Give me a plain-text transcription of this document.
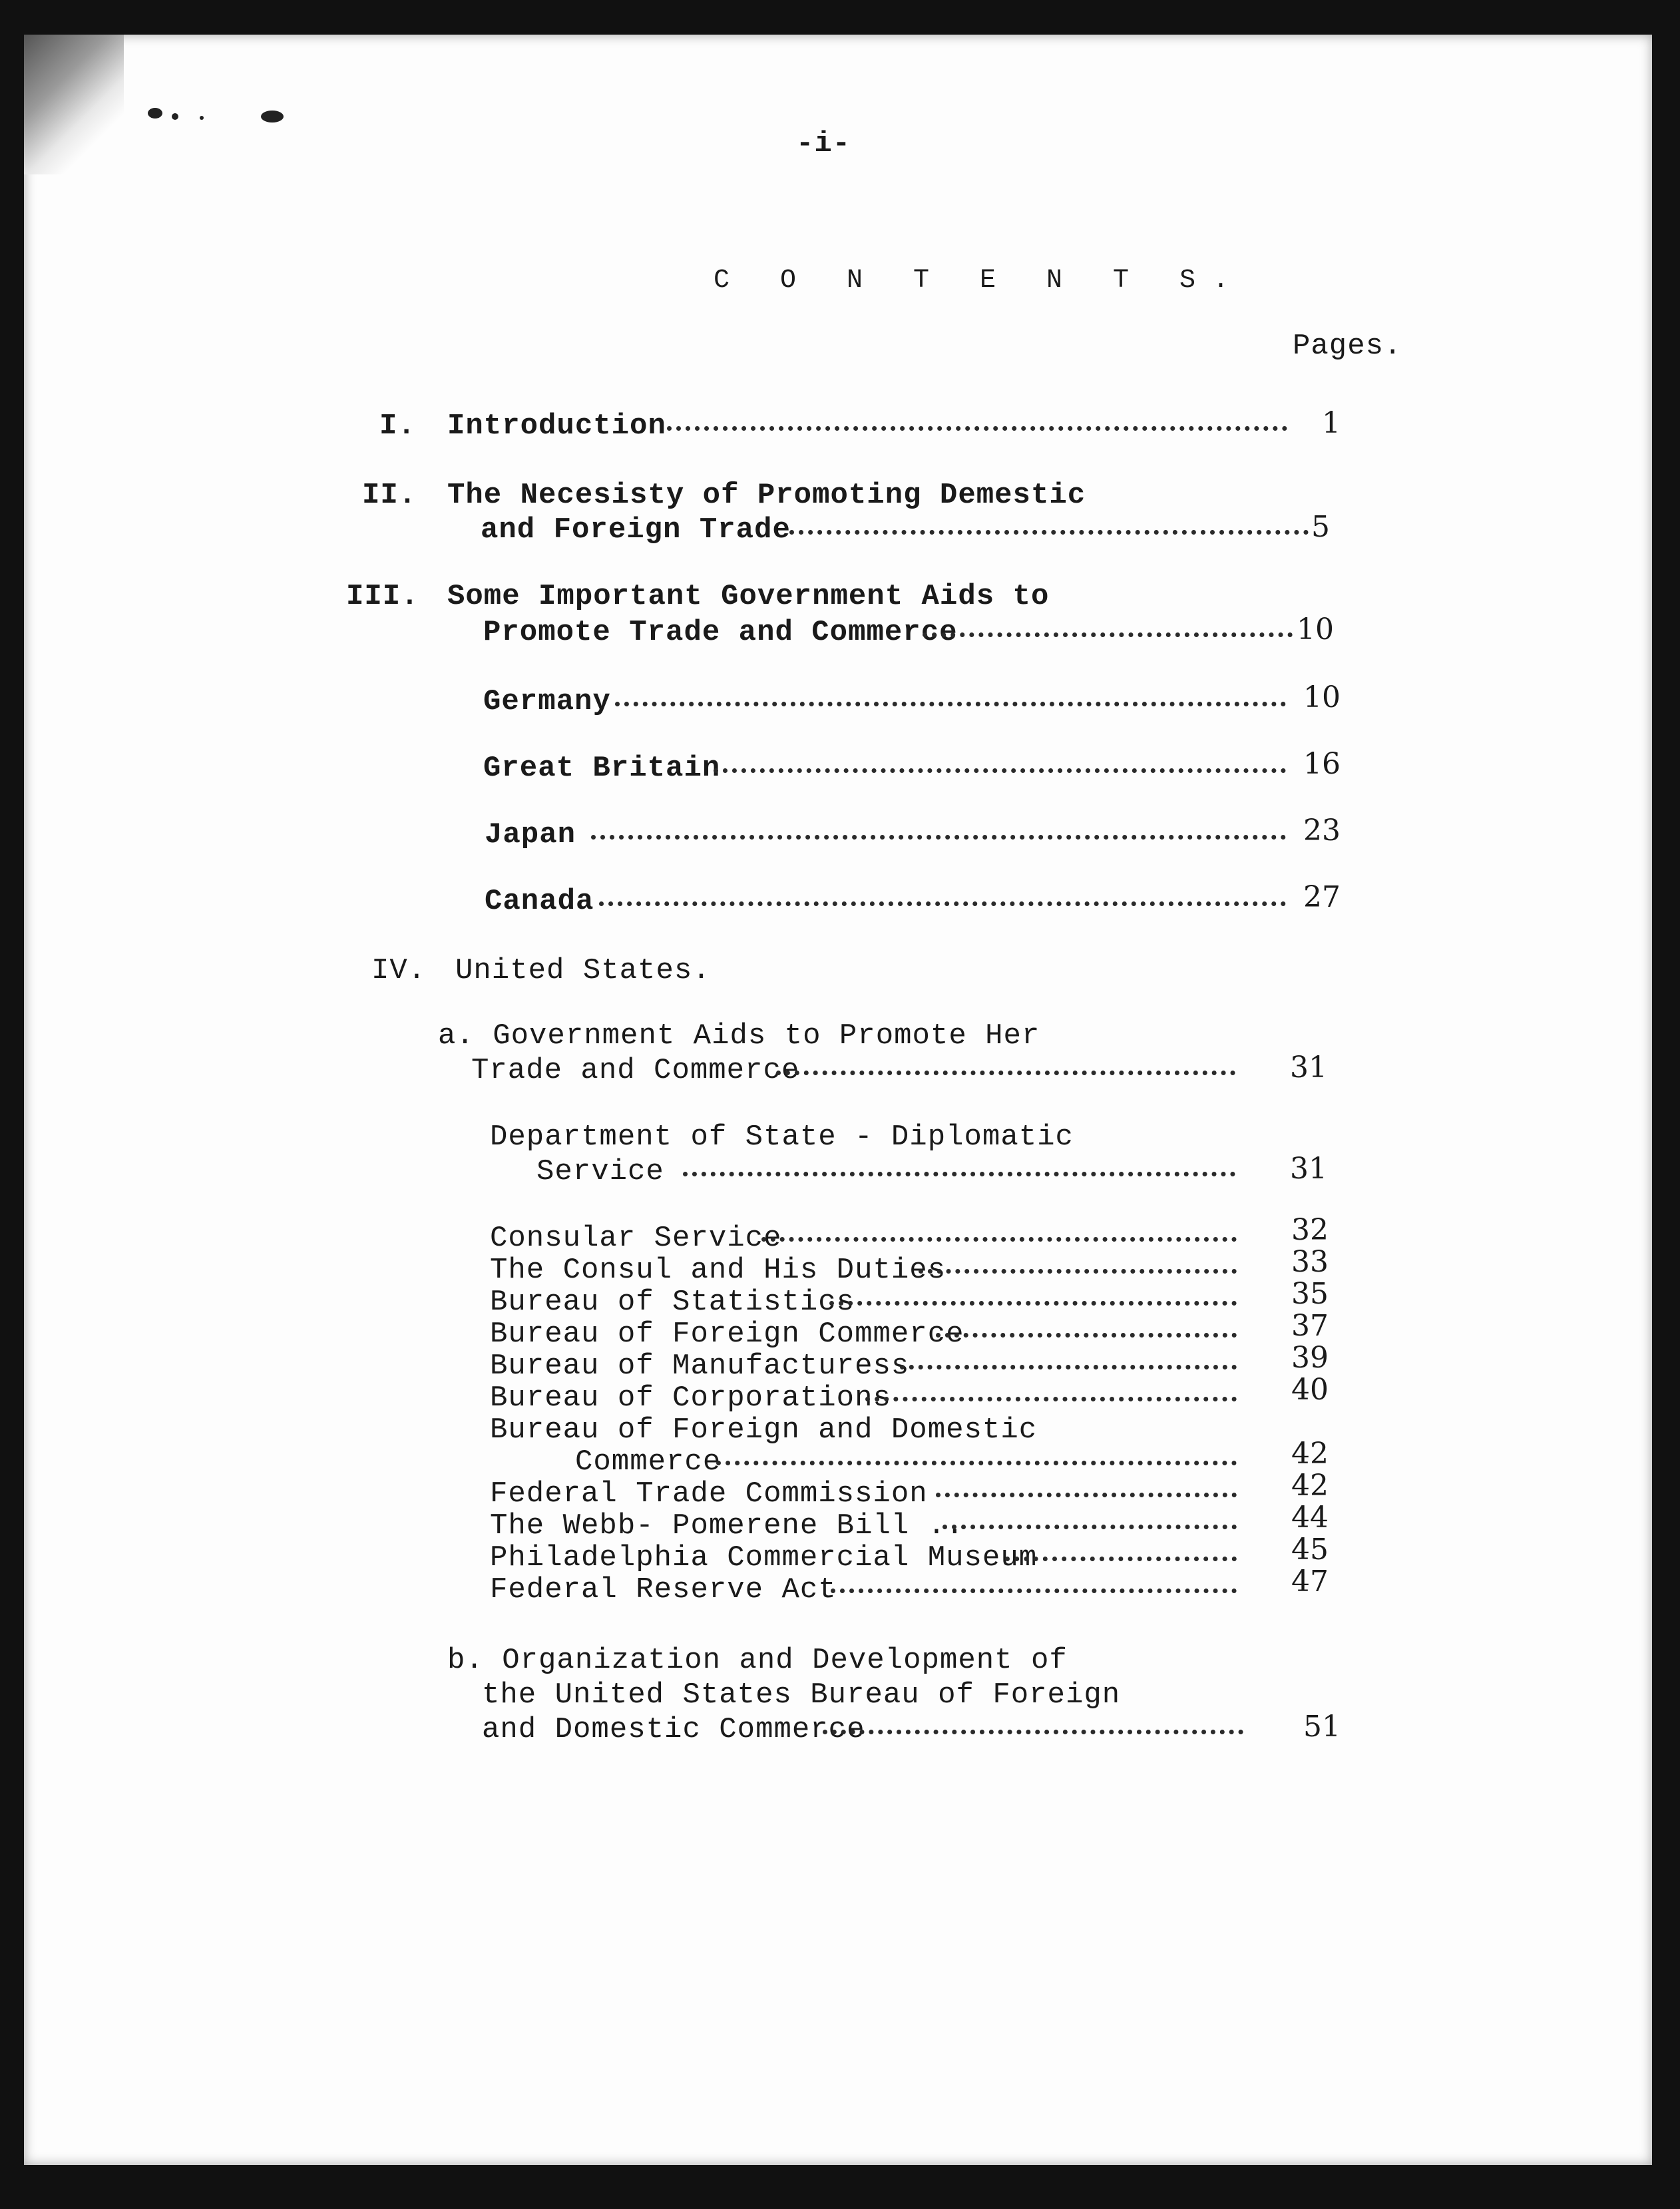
-i-
C O N T E N T S.
Pages.
I. Introduction	1
II. The Necesisty of Promoting Demestic
and Foreign Trade	5
III. Some Important Government Aids to
Promote Trade and Commerce	10
Germany	10
Great Britain	16
Japan	23
Canada	27
IV. United States.
a. Government Aids to Promote Her
Trade and Commerce	31
Department of State - Diplomatic
Service	31
Consular Service	32
The Consul and His Duties	33
Bureau of Statistics	35
Bureau of Foreign Commerce	37
Bureau of Manufacturess	39
Bureau of Corporations	40
Bureau of Foreign and Domestic
Commerce	42
Federal Trade Commission	42
The Webb- Pomerene Bill ..	44
Philadelphia Commercial Museum	45
Federal Reserve Act	47
b. Organization and Development of
the United States Bureau of Foreign
and Domestic Commerce	51
